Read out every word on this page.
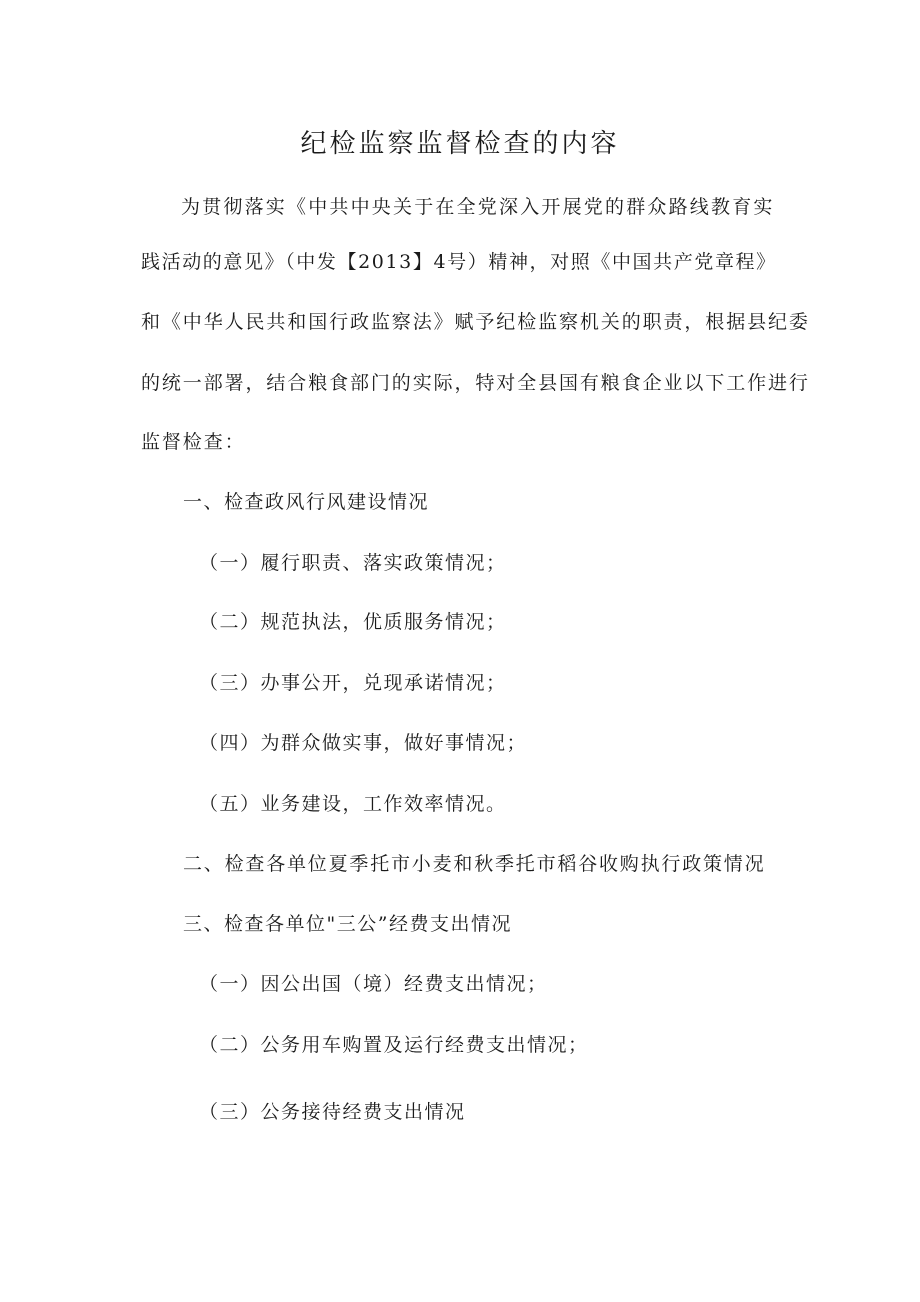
纪检监察监督检查的内容
为贯彻落实《中共中央关于在全党深入开展党的群众路线教育实
践活动的意见》（中发【2013】4号）精神，对照《中国共产党章程》
和《中华人民共和国行政监察法》赋予纪检监察机关的职责，根据县纪委
的统一部署，结合粮食部门的实际，特对全县国有粮食企业以下工作进行
监督检查：
一、检查政风行风建设情况
（一）履行职责、落实政策情况；
（二）规范执法，优质服务情况；
（三）办事公开，兑现承诺情况；
（四）为群众做实事，做好事情况；
（五）业务建设，工作效率情况。
二、检查各单位夏季托市小麦和秋季托市稻谷收购执行政策情况
三、检查各单位"三公”经费支出情况
（一）因公出国（境）经费支出情况；
（二）公务用车购置及运行经费支出情况；
（三）公务接待经费支出情况
